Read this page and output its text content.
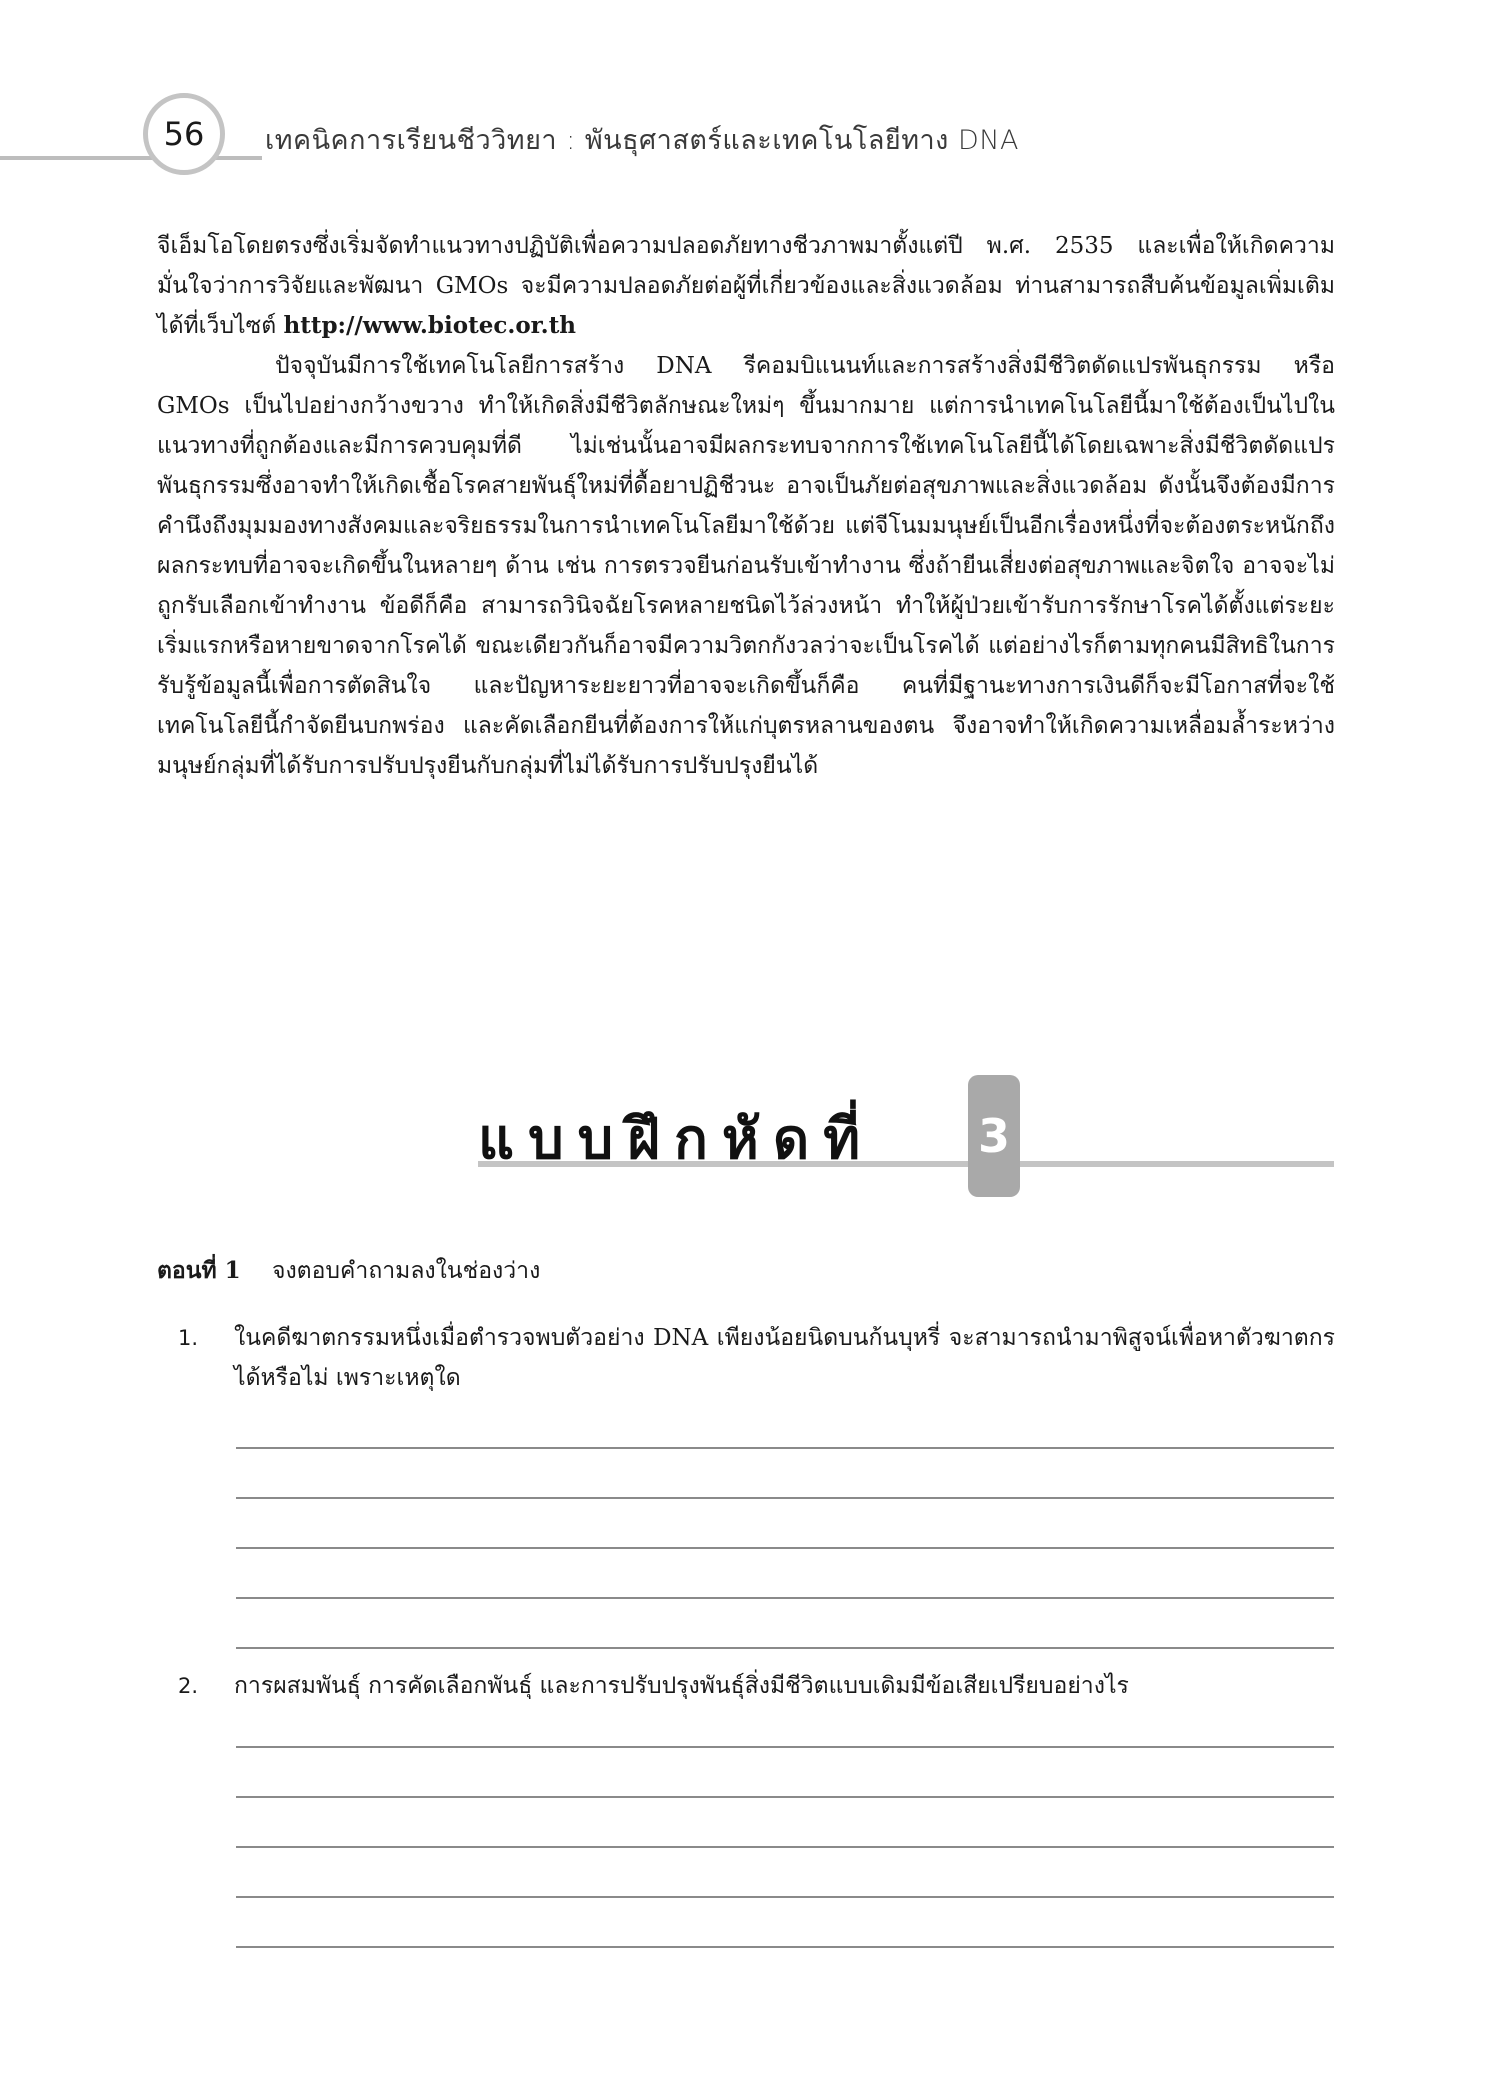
56 เทคนิคการเรียนชีววิทยา : พันธุศาสตร์และเทคโนโลยีทาง DNA

จีเอ็มโอโดยตรงซึ่งเริ่มจัดทำแนวทางปฏิบัติเพื่อความปลอดภัยทางชีวภาพมาตั้งแต่ปี พ.ศ. 2535 และเพื่อให้เกิดความมั่นใจว่าการวิจัยและพัฒนา GMOs จะมีความปลอดภัยต่อผู้ที่เกี่ยวข้องและสิ่งแวดล้อม ท่านสามารถสืบค้นข้อมูลเพิ่มเติมได้ที่เว็บไซต์ http://www.biotec.or.th

ปัจจุบันมีการใช้เทคโนโลยีการสร้าง DNA รีคอมบิแนนท์และการสร้างสิ่งมีชีวิตดัดแปรพันธุกรรม หรือ GMOs เป็นไปอย่างกว้างขวาง ทำให้เกิดสิ่งมีชีวิตลักษณะใหม่ๆ ขึ้นมากมาย แต่การนำเทคโนโลยีนี้มาใช้ต้องเป็นไปในแนวทางที่ถูกต้องและมีการควบคุมที่ดี ไม่เช่นนั้นอาจมีผลกระทบจากการใช้เทคโนโลยีนี้ได้โดยเฉพาะสิ่งมีชีวิตดัดแปรพันธุกรรมซึ่งอาจทำให้เกิดเชื้อโรคสายพันธุ์ใหม่ที่ดื้อยาปฏิชีวนะ อาจเป็นภัยต่อสุขภาพและสิ่งแวดล้อม ดังนั้นจึงต้องมีการคำนึงถึงมุมมองทางสังคมและจริยธรรมในการนำเทคโนโลยีมาใช้ด้วย แต่จีโนมมนุษย์เป็นอีกเรื่องหนึ่งที่จะต้องตระหนักถึงผลกระทบที่อาจจะเกิดขึ้นในหลายๆ ด้าน เช่น การตรวจยีนก่อนรับเข้าทำงาน ซึ่งถ้ายีนเสี่ยงต่อสุขภาพและจิตใจ อาจจะไม่ถูกรับเลือกเข้าทำงาน ข้อดีก็คือ สามารถวินิจฉัยโรคหลายชนิดไว้ล่วงหน้า ทำให้ผู้ป่วยเข้ารับการรักษาโรคได้ตั้งแต่ระยะเริ่มแรกหรือหายขาดจากโรคได้ ขณะเดียวกันก็อาจมีความวิตกกังวลว่าจะเป็นโรคได้ แต่อย่างไรก็ตามทุกคนมีสิทธิในการรับรู้ข้อมูลนี้เพื่อการตัดสินใจ และปัญหาระยะยาวที่อาจจะเกิดขึ้นก็คือ คนที่มีฐานะทางการเงินดีก็จะมีโอกาสที่จะใช้เทคโนโลยีนี้กำจัดยีนบกพร่อง และคัดเลือกยีนที่ต้องการให้แก่บุตรหลานของตน จึงอาจทำให้เกิดความเหลื่อมล้ำระหว่างมนุษย์กลุ่มที่ได้รับการปรับปรุงยีนกับกลุ่มที่ไม่ได้รับการปรับปรุงยีนได้

แบบฝึกหัดที่ 3
ตอนที่ 1 จงตอบคำถามลงในช่องว่าง
1.	ในคดีฆาตกรรมหนึ่งเมื่อตำรวจพบตัวอย่าง DNA เพียงน้อยนิดบนก้นบุหรี่ จะสามารถนำมาพิสูจน์เพื่อหาตัวฆาตกรได้หรือไม่ เพราะเหตุใด
2.	การผสมพันธุ์ การคัดเลือกพันธุ์ และการปรับปรุงพันธุ์สิ่งมีชีวิตแบบเดิมมีข้อเสียเปรียบอย่างไร
